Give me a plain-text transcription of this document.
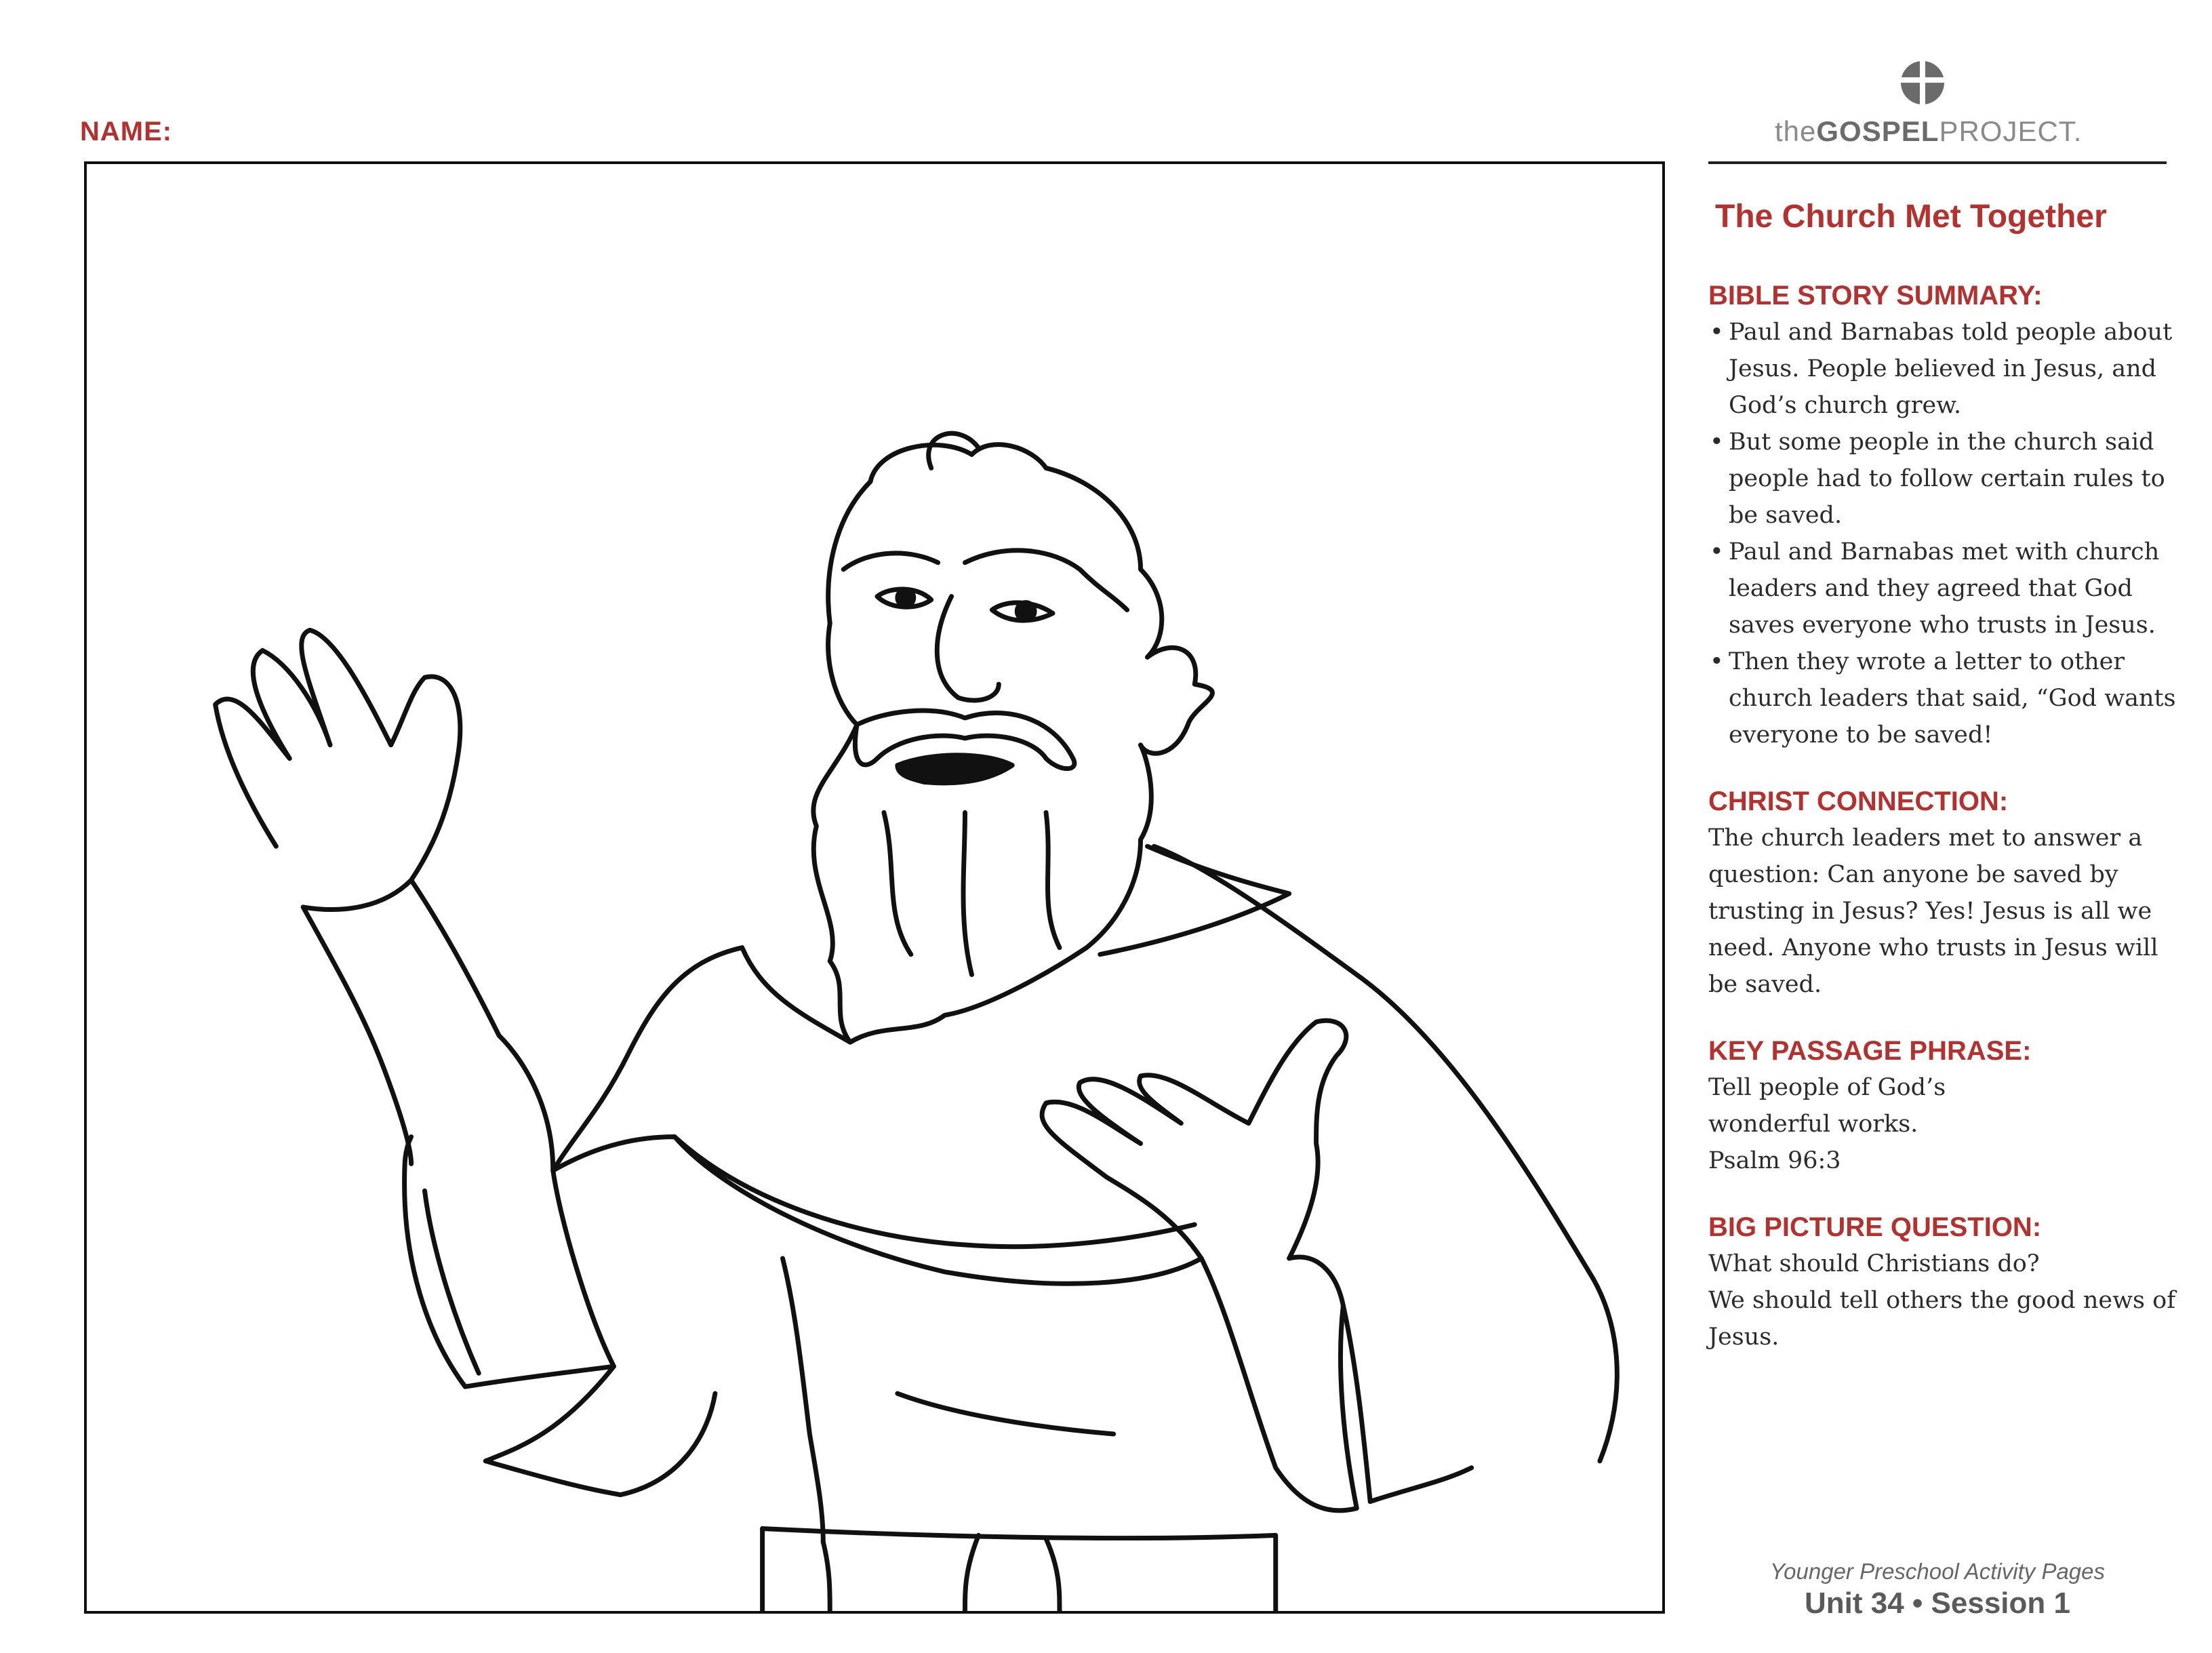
NAME:	theGOSPELPROJECT.
The Church Met Together
BIBLE STORY SUMMARY:
• Paul and Barnabas told people about Jesus. People believed in Jesus, and God’s church grew.
• But some people in the church said people had to follow certain rules to be saved.
• Paul and Barnabas met with church leaders and they agreed that God saves everyone who trusts in Jesus.
• Then they wrote a letter to other church leaders that said, “God wants everyone to be saved!
CHRIST CONNECTION:

The church leaders met to answer a question: Can anyone be saved by trusting in Jesus? Yes! Jesus is all we need. Anyone who trusts in Jesus will be saved.

KEY PASSAGE PHRASE:

Tell people of God’s

wonderful works.

Psalm 96:3

BIG PICTURE QUESTION:

What should Christians do?

We should tell others the good news of Jesus.

Younger Preschool Activity Pages

Unit 34 • Session 1
